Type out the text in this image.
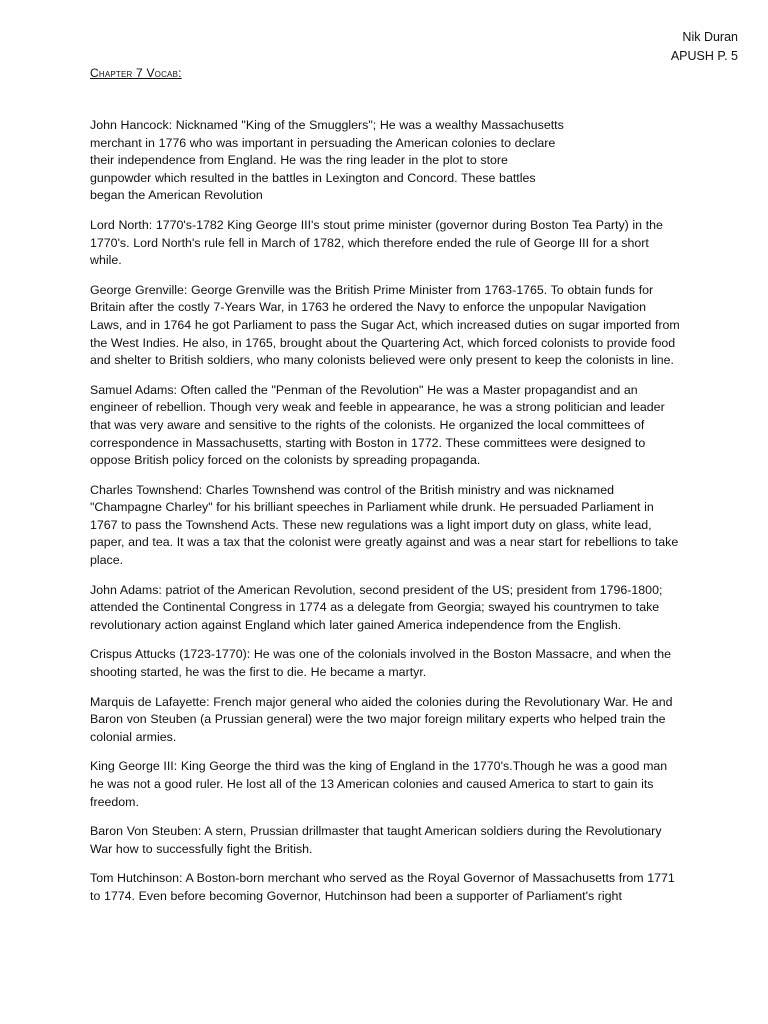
Nik Duran
APUSH P. 5
Chapter 7 Vocab:

John Hancock: Nicknamed "King of the Smugglers"; He was a wealthy Massachusetts merchant in 1776 who was important in persuading the American colonies to declare their independence from England. He was the ring leader in the plot to store gunpowder which resulted in the battles in Lexington and Concord. These battles began the American Revolution

Lord North: 1770's-1782 King George III's stout prime minister (governor during Boston Tea Party) in the 1770's. Lord North's rule fell in March of 1782, which therefore ended the rule of George III for a short while.

George Grenville: George Grenville was the British Prime Minister from 1763-1765. To obtain funds for Britain after the costly 7-Years War, in 1763 he ordered the Navy to enforce the unpopular Navigation Laws, and in 1764 he got Parliament to pass the Sugar Act, which increased duties on sugar imported from the West Indies. He also, in 1765, brought about the Quartering Act, which forced colonists to provide food and shelter to British soldiers, who many colonists believed were only present to keep the colonists in line.

Samuel Adams: Often called the "Penman of the Revolution" He was a Master propagandist and an engineer of rebellion. Though very weak and feeble in appearance, he was a strong politician and leader that was very aware and sensitive to the rights of the colonists. He organized the local committees of correspondence in Massachusetts, starting with Boston in 1772. These committees were designed to oppose British policy forced on the colonists by spreading propaganda.

Charles Townshend: Charles Townshend was control of the British ministry and was nicknamed "Champagne Charley" for his brilliant speeches in Parliament while drunk. He persuaded Parliament in 1767 to pass the Townshend Acts. These new regulations was a light import duty on glass, white lead, paper, and tea. It was a tax that the colonist were greatly against and was a near start for rebellions to take place.

John Adams: patriot of the American Revolution, second president of the US; president from 1796-1800; attended the Continental Congress in 1774 as a delegate from Georgia; swayed his countrymen to take revolutionary action against England which later gained America independence from the English.

Crispus Attucks (1723-1770): He was one of the colonials involved in the Boston Massacre, and when the shooting started, he was the first to die. He became a martyr.

Marquis de Lafayette: French major general who aided the colonies during the Revolutionary War. He and Baron von Steuben (a Prussian general) were the two major foreign military experts who helped train the colonial armies.

King George III: King George the third was the king of England in the 1770's.Though he was a good man he was not a good ruler. He lost all of the 13 American colonies and caused America to start to gain its freedom.

Baron Von Steuben: A stern, Prussian drillmaster that taught American soldiers during the Revolutionary War how to successfully fight the British.

Tom Hutchinson: A Boston-born merchant who served as the Royal Governor of Massachusetts from 1771 to 1774. Even before becoming Governor, Hutchinson had been a supporter of Parliament's right
